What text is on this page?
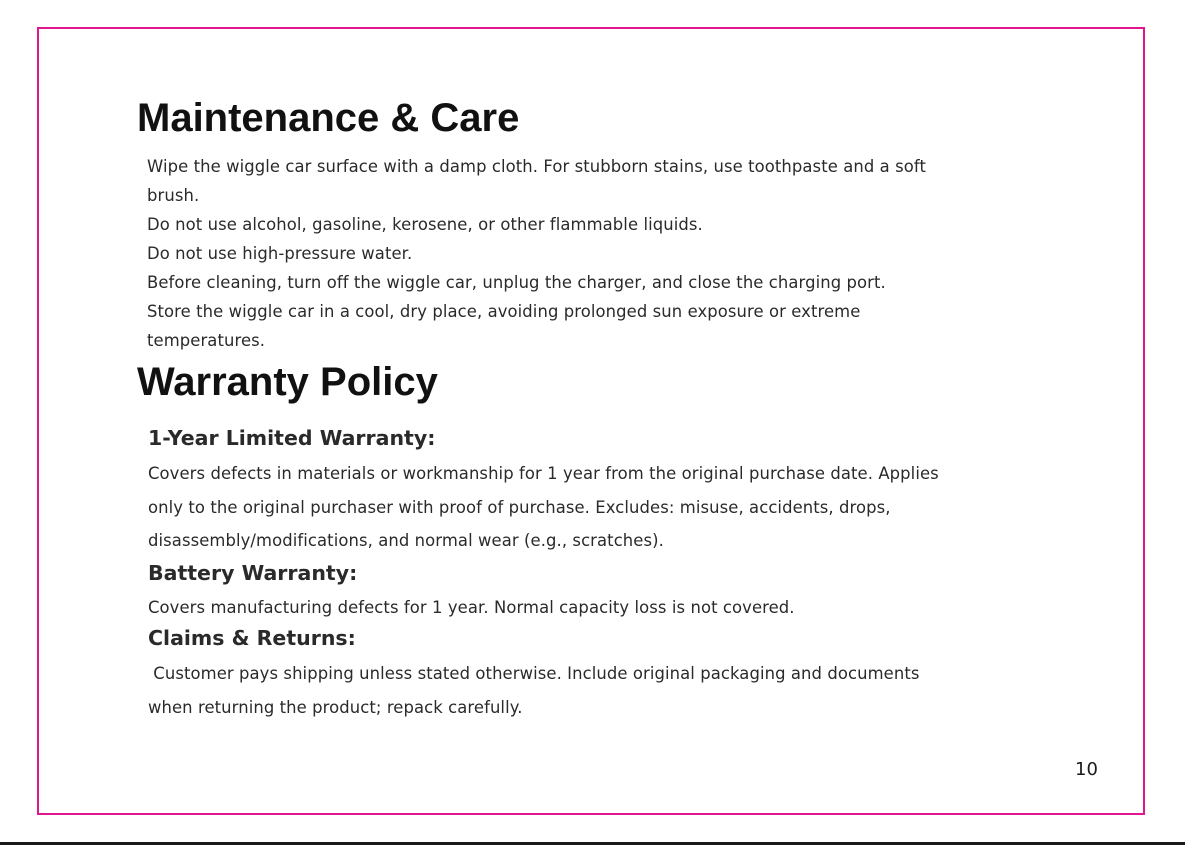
Maintenance & Care

Wipe the wiggle car surface with a damp cloth. For stubborn stains, use toothpaste and a soft

brush.

Do not use alcohol, gasoline, kerosene, or other flammable liquids.

Do not use high-pressure water.

Before cleaning, turn off the wiggle car, unplug the charger, and close the charging port.

Store the wiggle car in a cool, dry place, avoiding prolonged sun exposure or extreme

temperatures.

Warranty Policy
1-Year Limited Warranty:

Covers defects in materials or workmanship for 1 year from the original purchase date. Applies

only to the original purchaser with proof of purchase. Excludes: misuse, accidents, drops,

disassembly/modifications, and normal wear (e.g., scratches).

Battery Warranty:

Covers manufacturing defects for 1 year. Normal capacity loss is not covered.

Claims & Returns:

Customer pays shipping unless stated otherwise. Include original packaging and documents

when returning the product; repack carefully.

10
